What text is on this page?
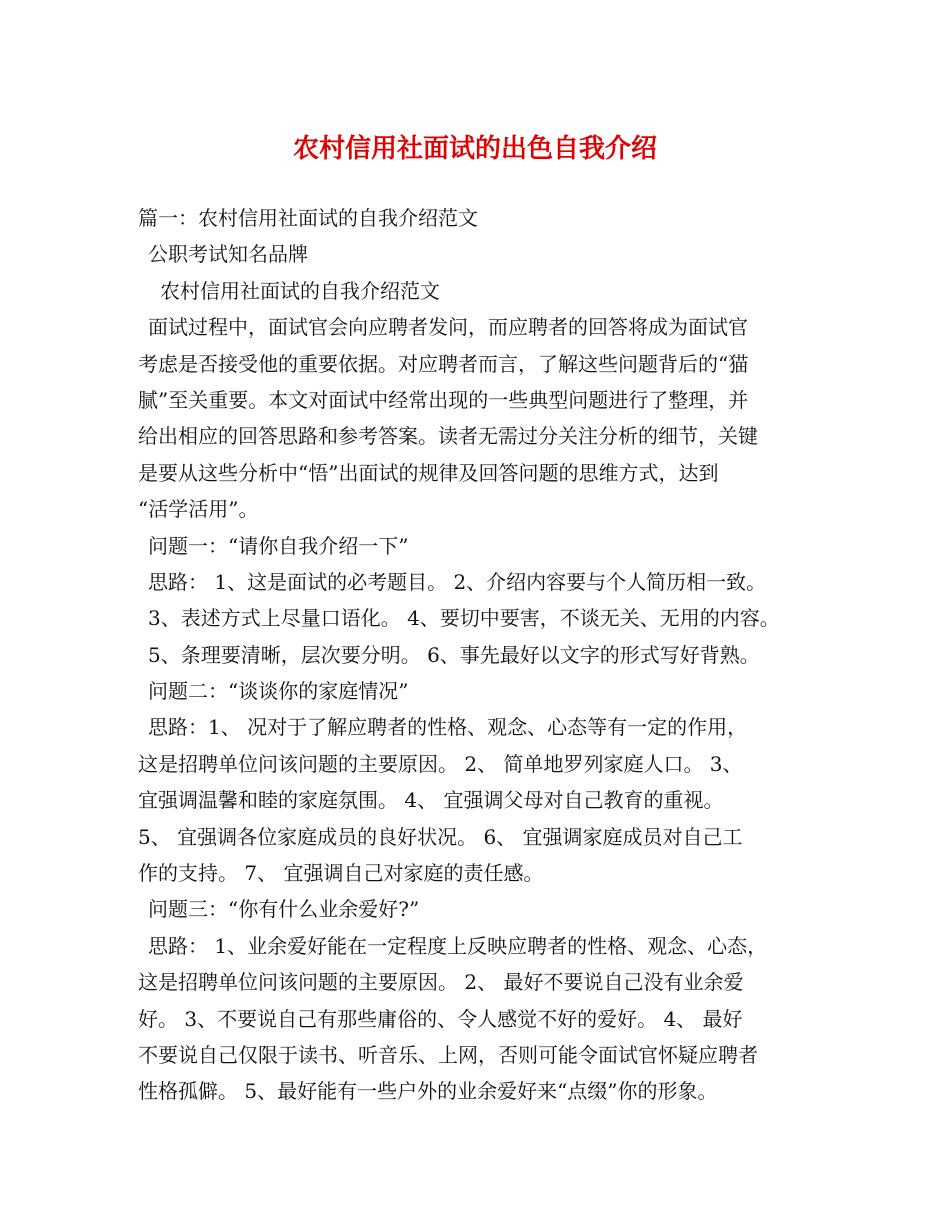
农村信用社面试的出色自我介绍

篇一：农村信用社面试的自我介绍范文

公职考试知名品牌

农村信用社面试的自我介绍范文

面试过程中，面试官会向应聘者发问，而应聘者的回答将成为面试官

考虑是否接受他的重要依据。对应聘者而言，了解这些问题背后的“猫

腻”至关重要。本文对面试中经常出现的一些典型问题进行了整理，并

给出相应的回答思路和参考答案。读者无需过分关注分析的细节，关键

是要从这些分析中“悟”出面试的规律及回答问题的思维方式，达到

“活学活用”。

问题一：“请你自我介绍一下”

思路： 1、这是面试的必考题目。 2、介绍内容要与个人简历相一致。

3、表述方式上尽量口语化。 4、要切中要害，不谈无关、无用的内容。

5、条理要清晰，层次要分明。 6、事先最好以文字的形式写好背熟。

问题二：“谈谈你的家庭情况”

思路：1、 况对于了解应聘者的性格、观念、心态等有一定的作用，

这是招聘单位问该问题的主要原因。 2、 简单地罗列家庭人口。 3、

宜强调温馨和睦的家庭氛围。 4、 宜强调父母对自己教育的重视。

5、 宜强调各位家庭成员的良好状况。 6、 宜强调家庭成员对自己工

作的支持。 7、 宜强调自己对家庭的责任感。

问题三：“你有什么业余爱好?”

思路： 1、业余爱好能在一定程度上反映应聘者的性格、观念、心态，

这是招聘单位问该问题的主要原因。 2、 最好不要说自己没有业余爱

好。 3、不要说自己有那些庸俗的、令人感觉不好的爱好。 4、 最好

不要说自己仅限于读书、听音乐、上网，否则可能令面试官怀疑应聘者

性格孤僻。 5、最好能有一些户外的业余爱好来“点缀”你的形象。
